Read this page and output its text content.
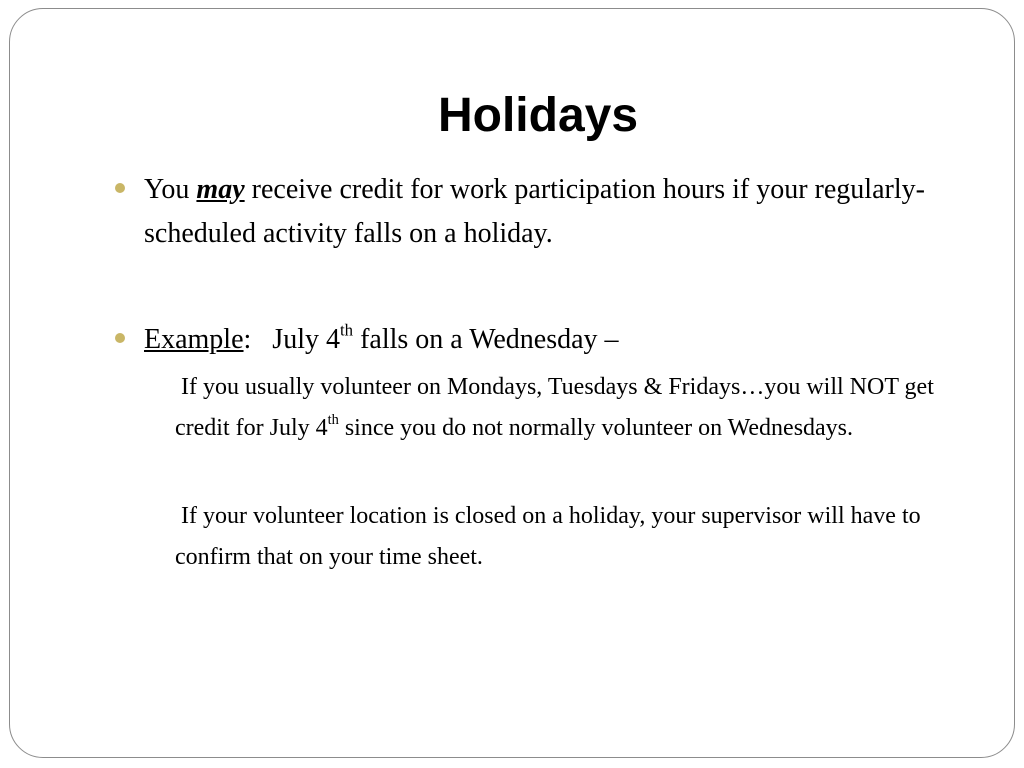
Holidays
You may receive credit for work participation hours if your regularly-scheduled activity falls on a holiday.
Example:   July 4th falls on a Wednesday –
If you usually volunteer on Mondays, Tuesdays & Fridays…you will NOT get credit for July 4th since you do not normally volunteer on Wednesdays.
If your volunteer location is closed on a holiday, your supervisor will have to confirm that on your time sheet.
